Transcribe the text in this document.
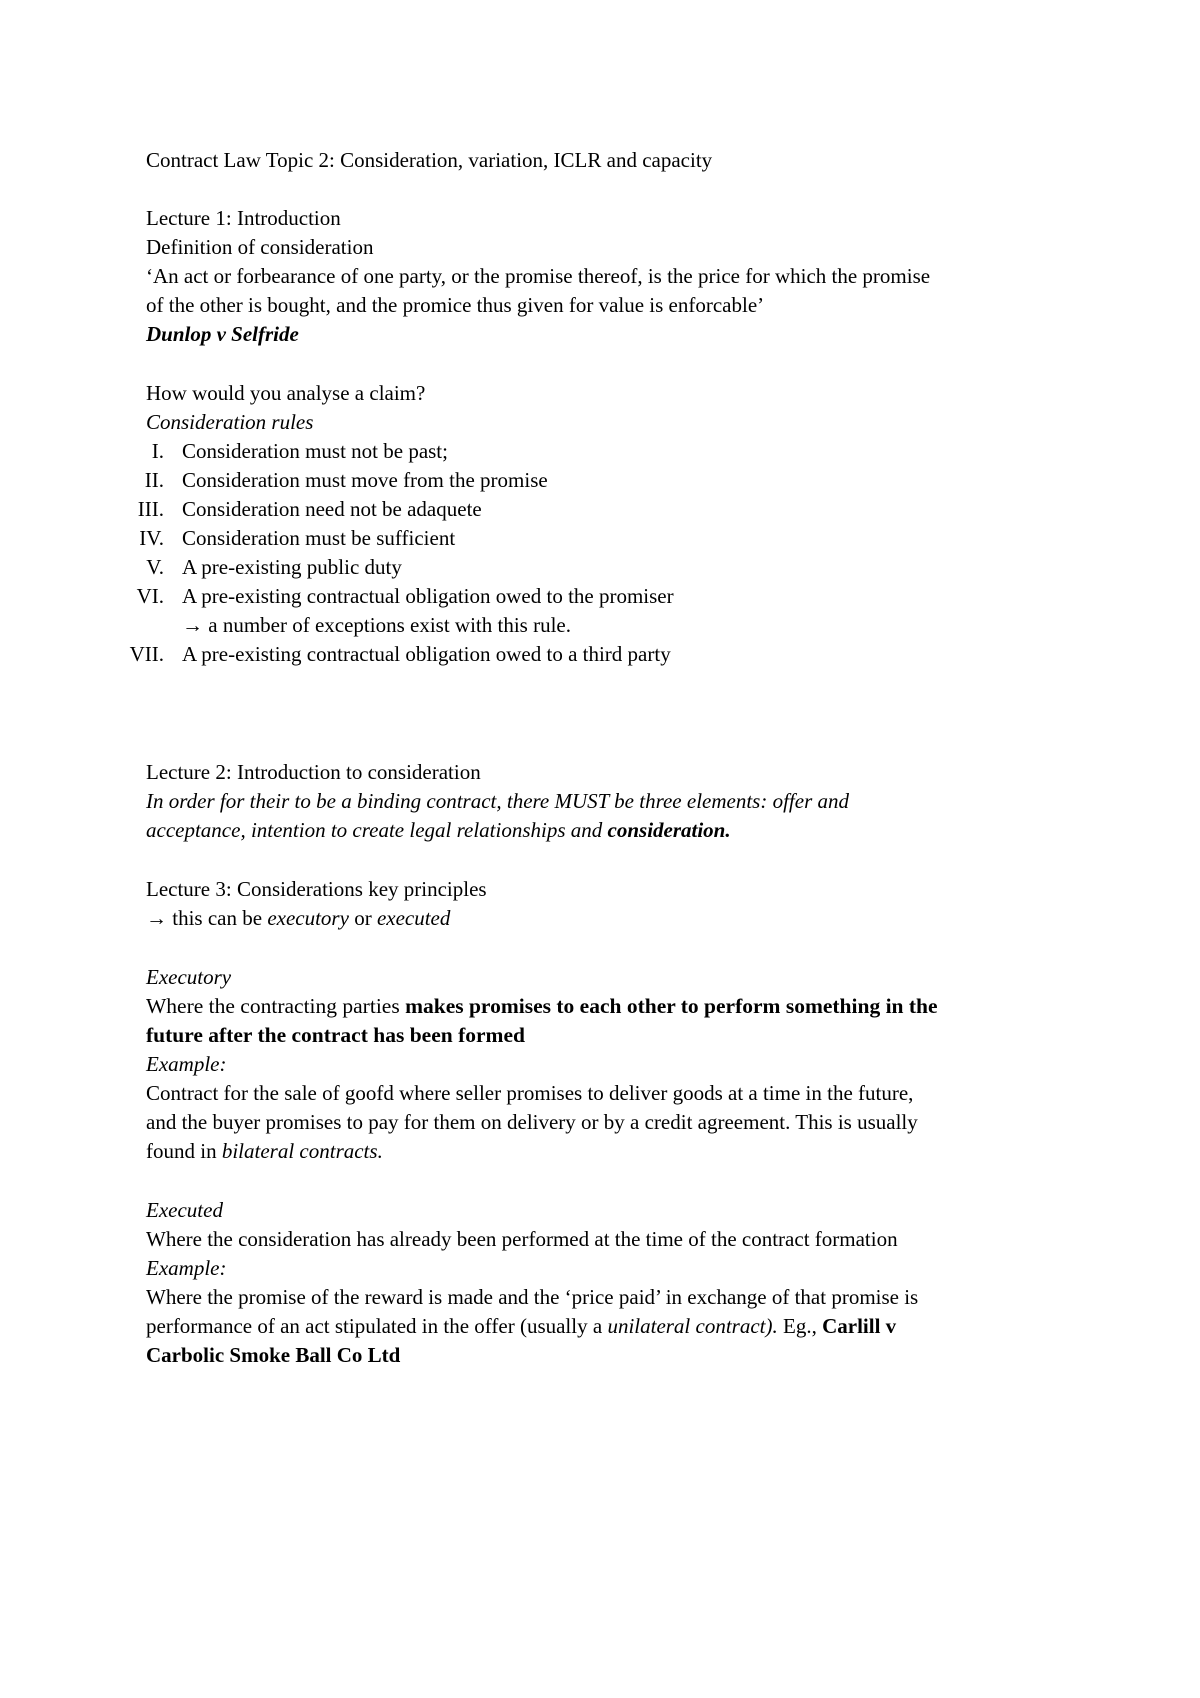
Contract Law Topic 2: Consideration, variation, ICLR and capacity
Lecture 1: Introduction
Definition of consideration
‘An act or forbearance of one party, or the promise thereof, is the price for which the promise
of the other is bought, and the promice thus given for value is enforcable’
Dunlop v Selfride
How would you analyse a claim?
Consideration rules
I. Consideration must not be past;
II. Consideration must move from the promise
III. Consideration need not be adaquete
IV. Consideration must be sufficient
V. A pre-existing public duty
VI. A pre-existing contractual obligation owed to the promiser
→ a number of exceptions exist with this rule.
VII. A pre-existing contractual obligation owed to a third party
Lecture 2: Introduction to consideration
In order for their to be a binding contract, there MUST be three elements: offer and
acceptance, intention to create legal relationships and consideration.
Lecture 3: Considerations key principles
→ this can be executory or executed
Executory
Where the contracting parties makes promises to each other to perform something in the
future after the contract has been formed
Example:
Contract for the sale of goofd where seller promises to deliver goods at a time in the future,
and the buyer promises to pay for them on delivery or by a credit agreement. This is usually
found in bilateral contracts.
Executed
Where the consideration has already been performed at the time of the contract formation
Example:
Where the promise of the reward is made and the ‘price paid’ in exchange of that promise is
performance of an act stipulated in the offer (usually a unilateral contract). Eg., Carlill v
Carbolic Smoke Ball Co Ltd
